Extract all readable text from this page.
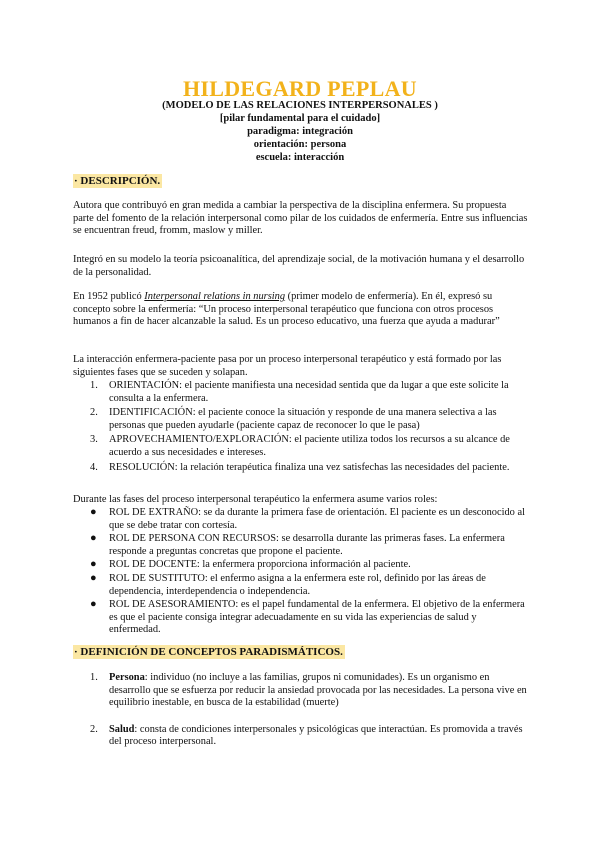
HILDEGARD PEPLAU

(MODELO DE LAS RELACIONES INTERPERSONALES )

[pilar fundamental para el cuidado]

paradigma: integración

orientación: persona

escuela: interacción

· DESCRIPCIÓN.

Autora que contribuyó en gran medida a cambiar la perspectiva de la disciplina enfermera. Su propuesta parte del fomento de la relación interpersonal como pilar de los cuidados de enfermería. Entre sus influencias se encuentran freud, fromm, maslow y miller.

Integró en su modelo la teoría psicoanalítica, del aprendizaje social, de la motivación humana y el desarrollo de la personalidad.

En 1952 publicó Interpersonal relations in nursing (primer modelo de enfermería). En él, expresó su concepto sobre la enfermería: “Un proceso interpersonal terapéutico que funciona con otros procesos humanos a fin de hacer alcanzable la salud. Es un proceso educativo, una fuerza que ayuda a madurar”

La interacción enfermera-paciente pasa por un proceso interpersonal terapéutico y está formado por las siguientes fases que se suceden y solapan.

1. ORIENTACIÓN: el paciente manifiesta una necesidad sentida que da lugar a que este solicite la consulta a la enfermera.
2. IDENTIFICACIÓN: el paciente conoce la situación y responde de una manera selectiva a las personas que pueden ayudarle (paciente capaz de reconocer lo que le pasa)
3. APROVECHAMIENTO/EXPLORACIÓN: el paciente utiliza todos los recursos a su alcance de acuerdo a sus necesidades e intereses.
4. RESOLUCIÓN: la relación terapéutica finaliza una vez satisfechas las necesidades del paciente.

Durante las fases del proceso interpersonal terapéutico la enfermera asume varios roles:

● ROL DE EXTRAÑO: se da durante la primera fase de orientación. El paciente es un desconocido al que se debe tratar con cortesía.
● ROL DE PERSONA CON RECURSOS: se desarrolla durante las primeras fases. La enfermera responde a preguntas concretas que propone el paciente.
● ROL DE DOCENTE: la enfermera proporciona información al paciente.
● ROL DE SUSTITUTO: el enfermo asigna a la enfermera este rol, definido por las áreas de dependencia, interdependencia o independencia.
● ROL DE ASESORAMIENTO: es el papel fundamental de la enfermera. El objetivo de la enfermera es que el paciente consiga integrar adecuadamente en su vida las experiencias de salud y enfermedad.
· DEFINICIÓN DE CONCEPTOS PARADISMÁTICOS.
1. Persona: individuo (no incluye a las familias, grupos ni comunidades). Es un organismo en desarrollo que se esfuerza por reducir la ansiedad provocada por las necesidades. La persona vive en equilibrio inestable, en busca de la estabilidad (muerte)
2. Salud: consta de condiciones interpersonales y psicológicas que interactúan. Es promovida a través del proceso interpersonal.
